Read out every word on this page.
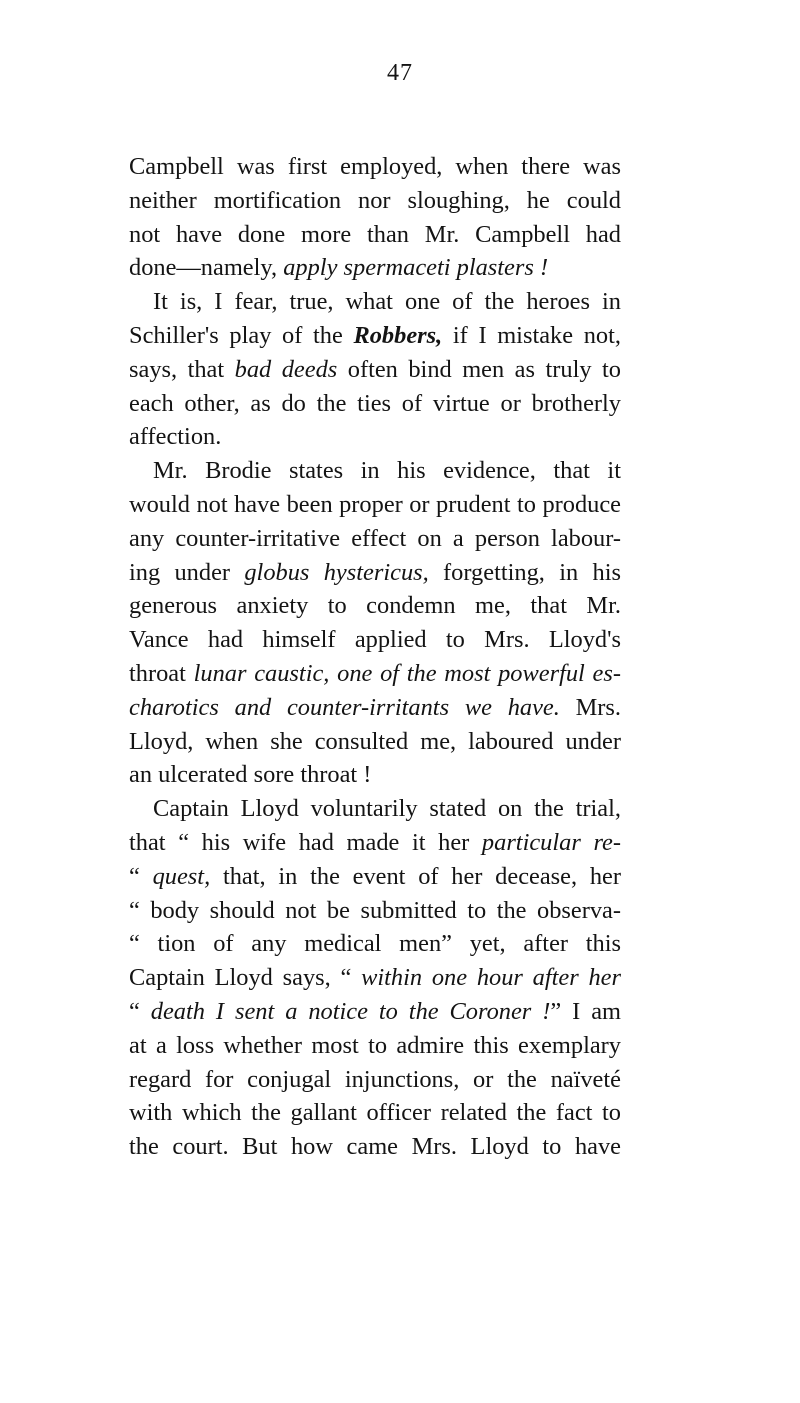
47
Campbell was first employed, when there was
neither mortification nor sloughing, he could
not have done more than Mr. Campbell had
done—namely, apply spermaceti plasters !
It is, I fear, true, what one of the heroes in
Schiller's play of the Robbers, if I mistake not,
says, that bad deeds often bind men as truly to
each other, as do the ties of virtue or brotherly
affection.
Mr. Brodie states in his evidence, that it
would not have been proper or prudent to produce
any counter-irritative effect on a person labour-
ing under globus hystericus, forgetting, in his
generous anxiety to condemn me, that Mr.
Vance had himself applied to Mrs. Lloyd's
throat lunar caustic, one of the most powerful es-
charotics and counter-irritants we have. Mrs.
Lloyd, when she consulted me, laboured under
an ulcerated sore throat !
Captain Lloyd voluntarily stated on the trial,
that “ his wife had made it her particular re-
“ quest, that, in the event of her decease, her
“ body should not be submitted to the observa-
“ tion of any medical men” yet, after this
Captain Lloyd says, “ within one hour after her
“ death I sent a notice to the Coroner !” I am
at a loss whether most to admire this exemplary
regard for conjugal injunctions, or the naïveté
with which the gallant officer related the fact to
the court. But how came Mrs. Lloyd to have
